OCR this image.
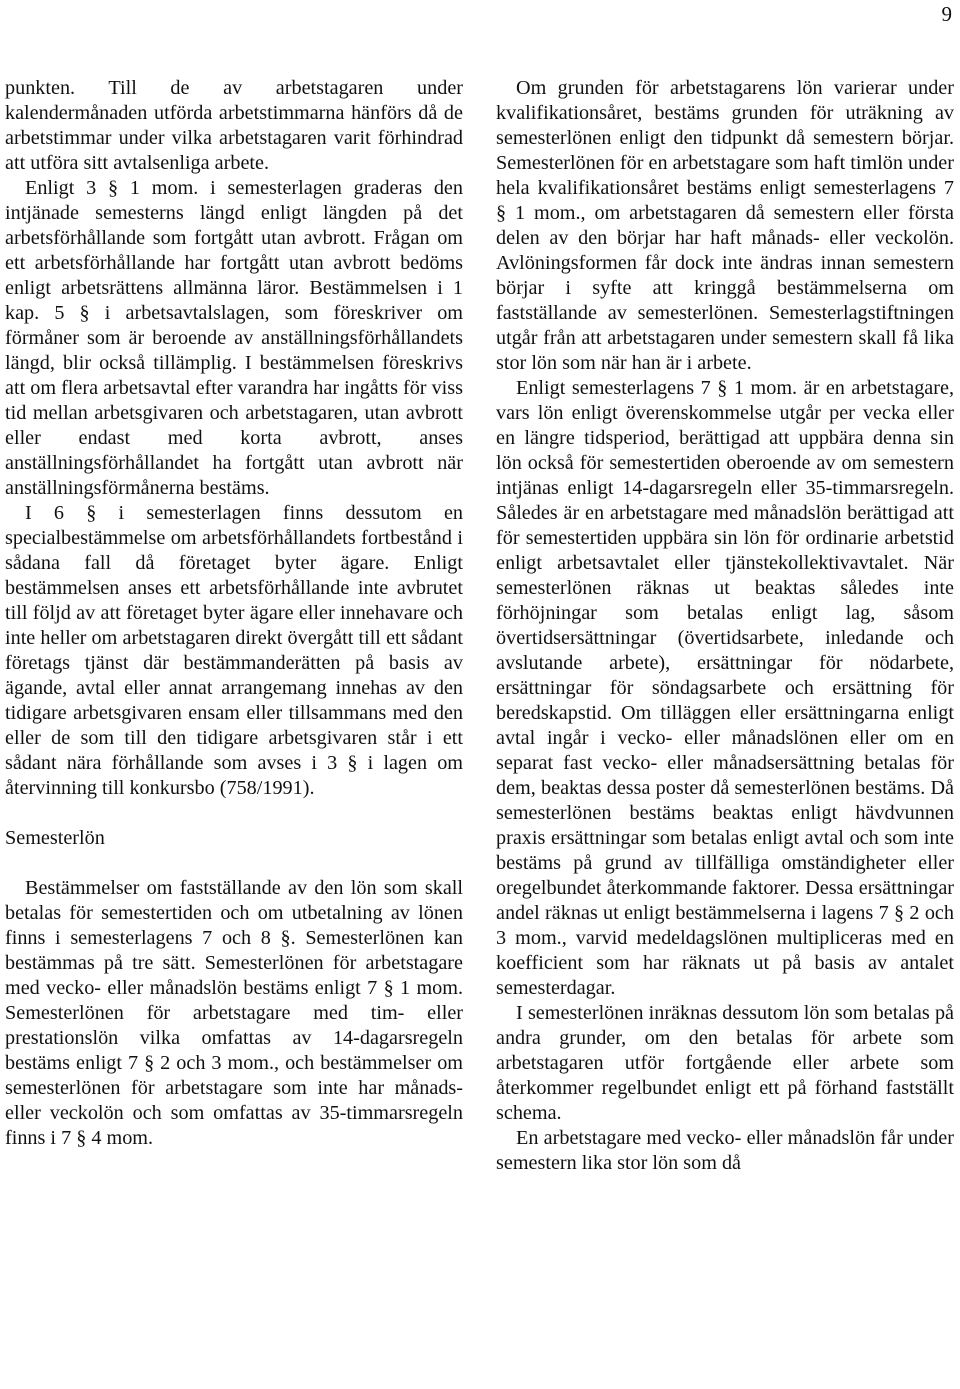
9

punkten. Till de av arbetstagaren under kalendermånaden utförda arbetstimmarna hänförs då de arbetstimmar under vilka arbetstagaren varit förhindrad att utföra sitt avtalsenliga arbete.

Enligt 3 § 1 mom. i semesterlagen graderas den intjänade semesterns längd enligt längden på det arbetsförhållande som fortgått utan avbrott. Frågan om ett arbetsförhållande har fortgått utan avbrott bedöms enligt arbetsrättens allmänna läror. Bestämmelsen i 1 kap. 5 § i arbetsavtalslagen, som föreskriver om förmåner som är beroende av anställningsförhållandets längd, blir också tillämplig. I bestämmelsen föreskrivs att om flera arbetsavtal efter varandra har ingåtts för viss tid mellan arbetsgivaren och arbetstagaren, utan avbrott eller endast med korta avbrott, anses anställningsförhållandet ha fortgått utan avbrott när anställningsförmånerna bestäms.

I 6 § i semesterlagen finns dessutom en specialbestämmelse om arbetsförhållandets fortbestånd i sådana fall då företaget byter ägare. Enligt bestämmelsen anses ett arbetsförhållande inte avbrutet till följd av att företaget byter ägare eller innehavare och inte heller om arbetstagaren direkt övergått till ett sådant företags tjänst där bestämmanderätten på basis av ägande, avtal eller annat arrangemang innehas av den tidigare arbetsgivaren ensam eller tillsammans med den eller de som till den tidigare arbetsgivaren står i ett sådant nära förhållande som avses i 3 § i lagen om återvinning till konkursbo (758/1991).

Semesterlön

Bestämmelser om fastställande av den lön som skall betalas för semestertiden och om utbetalning av lönen finns i semesterlagens 7 och 8 §. Semesterlönen kan bestämmas på tre sätt. Semesterlönen för arbetstagare med vecko- eller månadslön bestäms enligt 7 § 1 mom. Semesterlönen för arbetstagare med tim- eller prestationslön vilka omfattas av 14-dagarsregeln bestäms enligt 7 § 2 och 3 mom., och bestämmelser om semesterlönen för arbetstagare som inte har månads- eller veckolön och som omfattas av 35-timmarsregeln finns i 7 § 4 mom.

Om grunden för arbetstagarens lön varierar under kvalifikationsåret, bestäms grunden för uträkning av semesterlönen enligt den tidpunkt då semestern börjar. Semesterlönen för en arbetstagare som haft timlön under hela kvalifikationsåret bestäms enligt semesterlagens 7 § 1 mom., om arbetstagaren då semestern eller första delen av den börjar har haft månads- eller veckolön. Avlöningsformen får dock inte ändras innan semestern börjar i syfte att kringgå bestämmelserna om fastställande av semesterlönen. Semesterlagstiftningen utgår från att arbetstagaren under semestern skall få lika stor lön som när han är i arbete.

Enligt semesterlagens 7 § 1 mom. är en arbetstagare, vars lön enligt överenskommelse utgår per vecka eller en längre tidsperiod, berättigad att uppbära denna sin lön också för semestertiden oberoende av om semestern intjänas enligt 14-dagarsregeln eller 35-timmarsregeln. Således är en arbetstagare med månadslön berättigad att för semestertiden uppbära sin lön för ordinarie arbetstid enligt arbetsavtalet eller tjänstekollektivavtalet. När semesterlönen räknas ut beaktas således inte förhöjningar som betalas enligt lag, såsom övertidsersättningar (övertidsarbete, inledande och avslutande arbete), ersättningar för nödarbete, ersättningar för söndagsarbete och ersättning för beredskapstid. Om tilläggen eller ersättningarna enligt avtal ingår i vecko- eller månadslönen eller om en separat fast vecko- eller månadsersättning betalas för dem, beaktas dessa poster då semesterlönen bestäms. Då semesterlönen bestäms beaktas enligt hävdvunnen praxis ersättningar som betalas enligt avtal och som inte bestäms på grund av tillfälliga omständigheter eller oregelbundet återkommande faktorer. Dessa ersättningar andel räknas ut enligt bestämmelserna i lagens 7 § 2 och 3 mom., varvid medeldagslönen multipliceras med en koefficient som har räknats ut på basis av antalet semesterdagar.

I semesterlönen inräknas dessutom lön som betalas på andra grunder, om den betalas för arbete som arbetstagaren utför fortgående eller arbete som återkommer regelbundet enligt ett på förhand fastställt schema.

En arbetstagare med vecko- eller månadslön får under semestern lika stor lön som då
